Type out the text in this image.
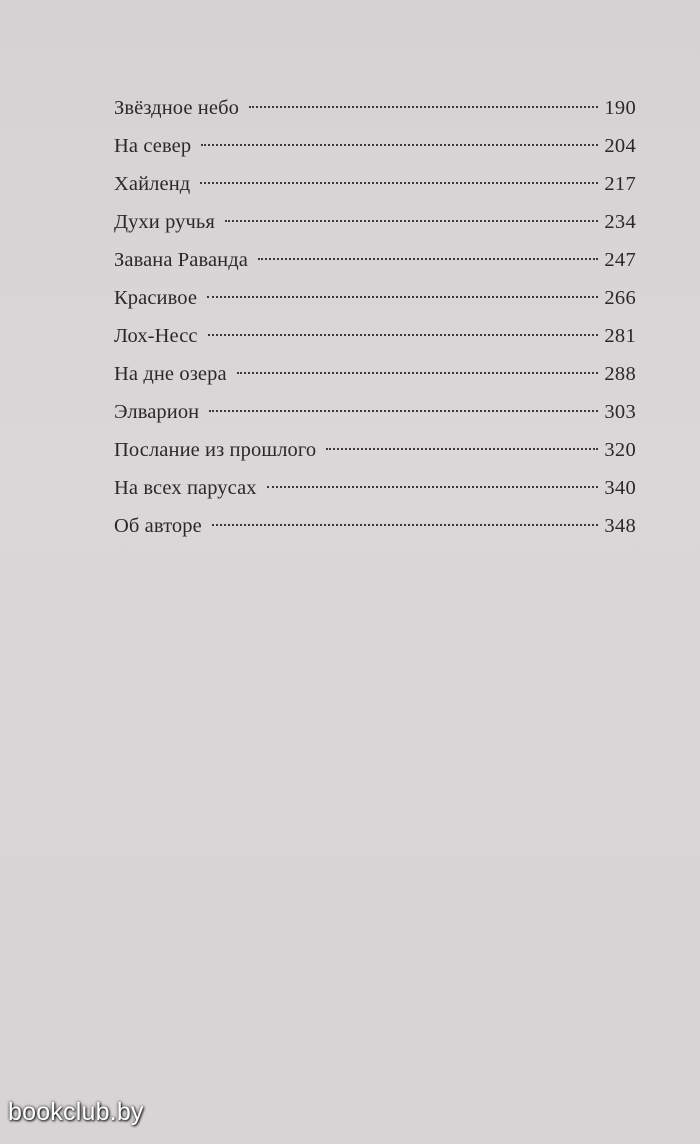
Звёздное небо	190
На север	204
Хайленд	217
Духи ручья	234
Завана Раванда	247
Красивое	266
Лох-Несс	281
На дне озера	288
Элварион	303
Послание из прошлого	320
На всех парусах	340
Об авторе	348
bookclub.by
